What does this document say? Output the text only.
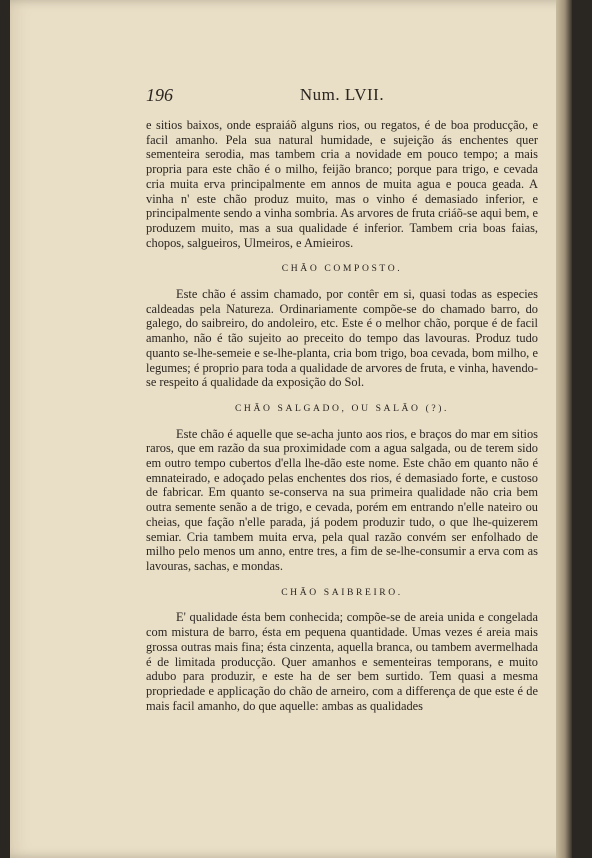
196	Num. LVII.

e sitios baixos, onde espraiáõ alguns rios, ou regatos, é de boa producção, e facil amanho. Pela sua natural humidade, e sujeição ás enchentes quer sementeira serodia, mas tambem cria a novidade em pouco tempo; a mais propria para este chão é o milho, feijão branco; porque para trigo, e cevada cria muita erva principalmente em annos de muita agua e pouca geada. A vinha n' este chão produz muito, mas o vinho é demasiado inferior, e principalmente sendo a vinha sombria. As arvores de fruta criáõ-se aqui bem, e produzem muito, mas a sua qualidade é inferior. Tambem cria boas faias, chopos, salgueiros, Ulmeiros, e Amieiros.

CHÃO COMPOSTO.

Este chão é assim chamado, por contêr em si, quasi todas as especies caldeadas pela Natureza. Ordinariamente compõe-se do chamado barro, do galego, do saibreiro, do andoleiro, etc. Este é o melhor chão, porque é de facil amanho, não é tão sujeito ao preceito do tempo das lavouras. Produz tudo quanto se-lhe-semeie e se-lhe-planta, cria bom trigo, boa cevada, bom milho, e legumes; é proprio para toda a qualidade de arvores de fruta, e vinha, havendo-se respeito á qualidade da exposição do Sol.

CHÃO SALGADO, OU SALÃO (?).

Este chão é aquelle que se-acha junto aos rios, e braços do mar em sitios raros, que em razão da sua proximidade com a agua salgada, ou de terem sido em outro tempo cubertos d'ella lhe-dão este nome. Este chão em quanto não é emnateirado, e adoçado pelas enchentes dos rios, é demasiado forte, e custoso de fabricar. Em quanto se-conserva na sua primeira qualidade não cria bem outra semente senão a de trigo, e cevada, porém em entrando n'elle nateiro ou cheias, que fação n'elle parada, já podem produzir tudo, o que lhe-quizerem semiar. Cria tambem muita erva, pela qual razão convém ser enfolhado de milho pelo menos um anno, entre tres, a fim de se-lhe-consumir a erva com as lavouras, sachas, e mondas.

CHÃO SAIBREIRO.

E' qualidade ésta bem conhecida; compõe-se de areia unida e congelada com mistura de barro, ésta em pequena quantidade. Umas vezes é areia mais grossa outras mais fina; ésta cinzenta, aquella branca, ou tambem avermelhada é de limitada producção. Quer amanhos e sementeiras temporans, e muito adubo para produzir, e este ha de ser bem surtido. Tem quasi a mesma propriedade e applicação do chão de arneiro, com a differença de que este é de mais facil amanho, do que aquelle: ambas as qualidades
